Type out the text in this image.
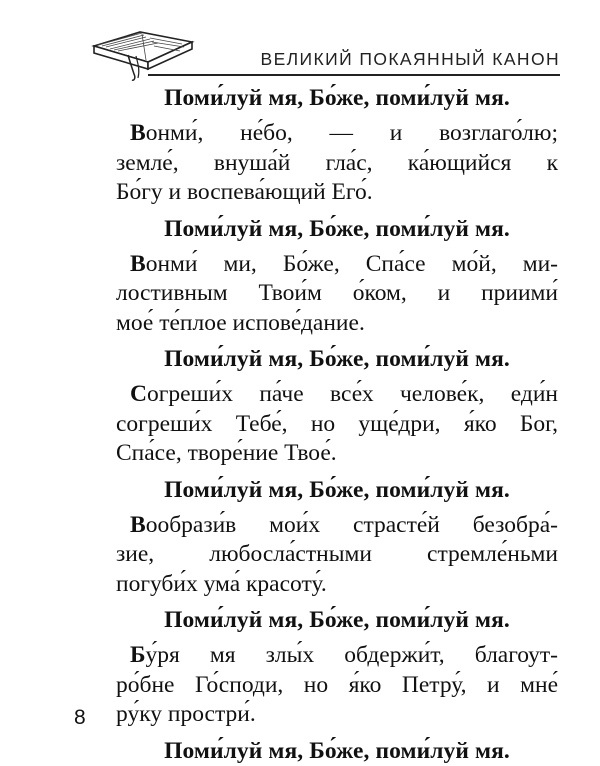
ВЕЛИКИЙ ПОКАЯННЫЙ КАНОН

Поми́луй мя, Бо́же, поми́луй мя.

Вонми́, не́бо, — и возглаго́лю;
земле́, внуша́й гла́с, ка́ющийся к
Бо́гу и воспева́ющий Его́.

Поми́луй мя, Бо́же, поми́луй мя.

Вонми́ ми, Бо́же, Спа́се мо́й, ми-
лостивным Твои́м о́ком, и приими́
мое́ те́плое испове́дание.

Поми́луй мя, Бо́же, поми́луй мя.

Согреши́х па́че все́х челове́к, еди́н
согреши́х Тебе́, но уще́дри, я́ко Бог,
Спа́се, творе́ние Твое́.

Поми́луй мя, Бо́же, поми́луй мя.

Вообрази́в мои́х страсте́й безобра́-
зие, любосла́стными стремле́ньми
погуби́х ума́ красоту́.

Поми́луй мя, Бо́же, поми́луй мя.

Бу́ря мя злы́х обдержи́т, благоут-
ро́бне Го́споди, но я́ко Петру́, и мне́
ру́ку простри́.

Поми́луй мя, Бо́же, поми́луй мя.

8
